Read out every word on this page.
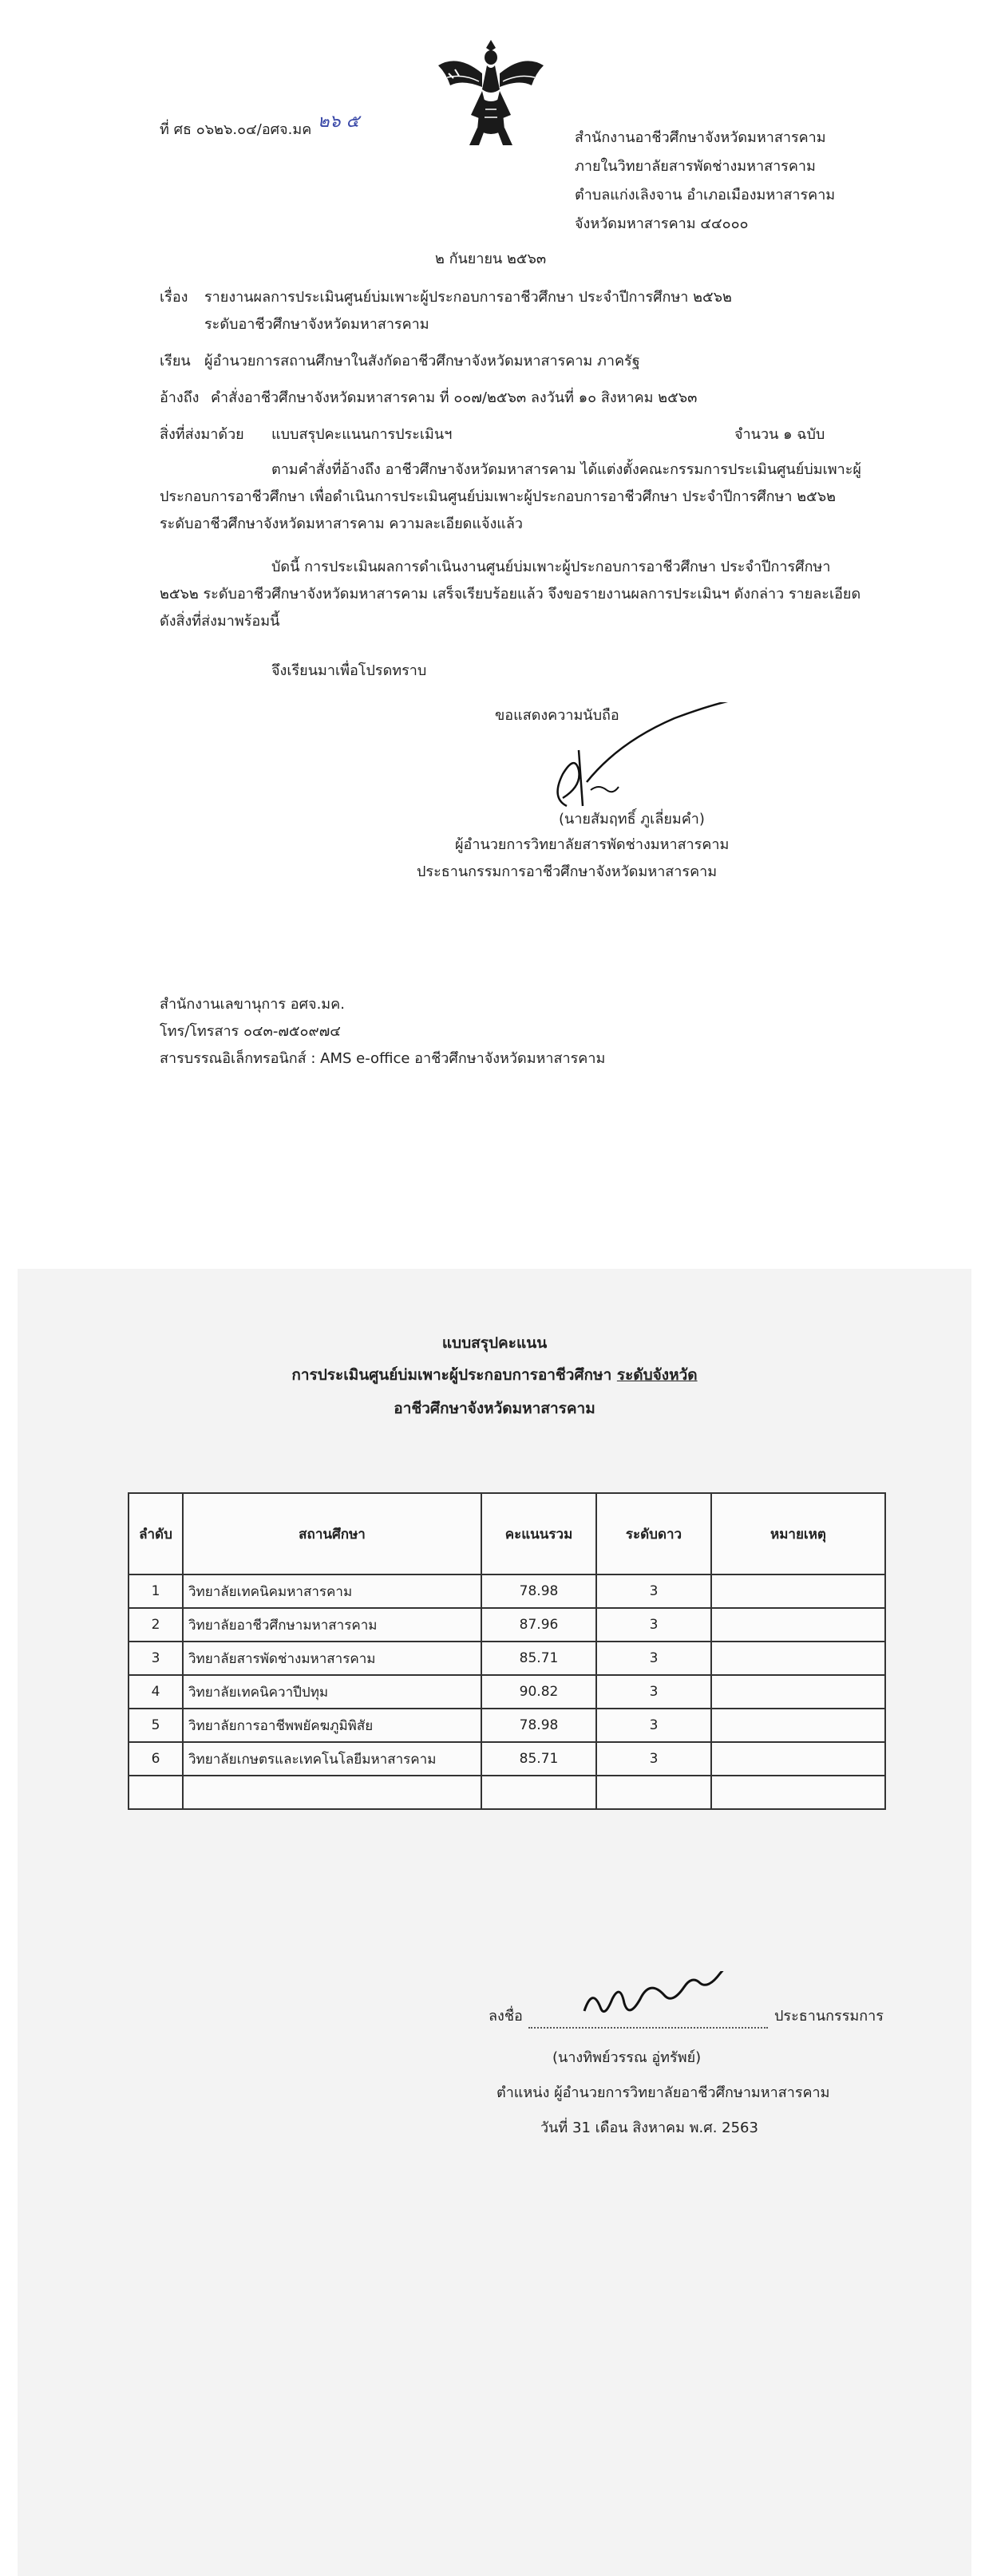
ที่ ศธ ๐๖๒๖.๐๔/อศจ.มค ๒๖ ๕
สำนักงานอาชีวศึกษาจังหวัดมหาสารคาม
ภายในวิทยาลัยสารพัดช่างมหาสารคาม
ตำบลแก่งเลิงจาน อำเภอเมืองมหาสารคาม
จังหวัดมหาสารคาม ๔๔๐๐๐
๒ กันยายน ๒๕๖๓
เรื่อง รายงานผลการประเมินศูนย์บ่มเพาะผู้ประกอบการอาชีวศึกษา ประจำปีการศึกษา ๒๕๖๒
ระดับอาชีวศึกษาจังหวัดมหาสารคาม
เรียน ผู้อำนวยการสถานศึกษาในสังกัดอาชีวศึกษาจังหวัดมหาสารคาม ภาครัฐ
อ้างถึง คำสั่งอาชีวศึกษาจังหวัดมหาสารคาม ที่ ๐๐๗/๒๕๖๓ ลงวันที่ ๑๐ สิงหาคม ๒๕๖๓
สิ่งที่ส่งมาด้วย แบบสรุปคะแนนการประเมินฯ	จำนวน ๑ ฉบับ
ตามคำสั่งที่อ้างถึง อาชีวศึกษาจังหวัดมหาสารคาม ได้แต่งตั้งคณะกรรมการประเมินศูนย์บ่มเพาะผู้ประกอบการอาชีวศึกษา เพื่อดำเนินการประเมินศูนย์บ่มเพาะผู้ประกอบการอาชีวศึกษา ประจำปีการศึกษา ๒๕๖๒ ระดับอาชีวศึกษาจังหวัดมหาสารคาม ความละเอียดแจ้งแล้ว
บัดนี้ การประเมินผลการดำเนินงานศูนย์บ่มเพาะผู้ประกอบการอาชีวศึกษา ประจำปีการศึกษา ๒๕๖๒ ระดับอาชีวศึกษาจังหวัดมหาสารคาม เสร็จเรียบร้อยแล้ว จึงขอรายงานผลการประเมินฯ ดังกล่าว รายละเอียดดังสิ่งที่ส่งมาพร้อมนี้
จึงเรียนมาเพื่อโปรดทราบ
ขอแสดงความนับถือ
(นายสัมฤทธิ์ ภูเลี่ยมคำ)
ผู้อำนวยการวิทยาลัยสารพัดช่างมหาสารคาม
ประธานกรรมการอาชีวศึกษาจังหวัดมหาสารคาม
สำนักงานเลขานุการ อศจ.มค.
โทร/โทรสาร ๐๔๓-๗๕๐๙๗๔
สารบรรณอิเล็กทรอนิกส์ : AMS e-office อาชีวศึกษาจังหวัดมหาสารคาม
แบบสรุปคะแนน
การประเมินศูนย์บ่มเพาะผู้ประกอบการอาชีวศึกษา ระดับจังหวัด
อาชีวศึกษาจังหวัดมหาสารคาม
ลำดับ	สถานศึกษา	คะแนนรวม	ระดับดาว	หมายเหตุ
1	วิทยาลัยเทคนิคมหาสารคาม	78.98	3	
2	วิทยาลัยอาชีวศึกษามหาสารคาม	87.96	3	
3	วิทยาลัยสารพัดช่างมหาสารคาม	85.71	3	
4	วิทยาลัยเทคนิควาปีปทุม	90.82	3	
5	วิทยาลัยการอาชีพพยัคฆภูมิพิสัย	78.98	3	
6	วิทยาลัยเกษตรและเทคโนโลยีมหาสารคาม	85.71	3	

ลงชื่อ	ประธานกรรมการ
(นางทิพย์วรรณ อู่ทรัพย์)
ตำแหน่ง ผู้อำนวยการวิทยาลัยอาชีวศึกษามหาสารคาม
วันที่ 31 เดือน สิงหาคม พ.ศ. 2563
